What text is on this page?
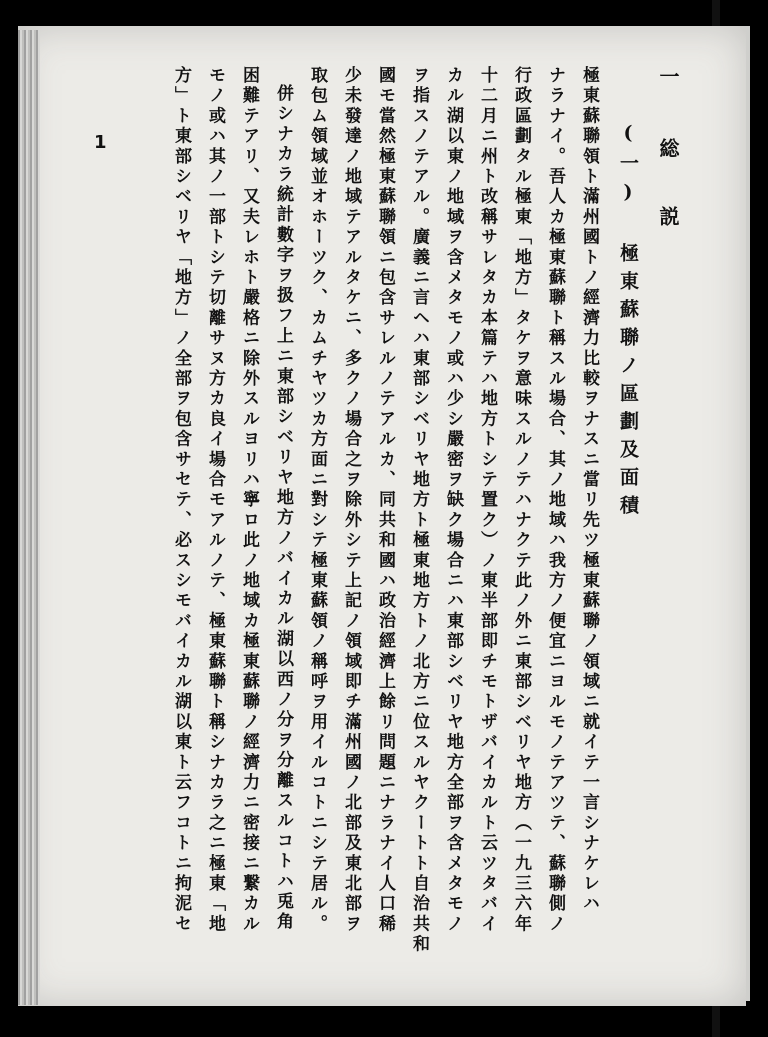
1	一 総　説
(一) 極東蘇聯ノ區劃及面積
極東蘇聯領ト滿州國トノ經濟力比較ヲナスニ當リ先ツ極東蘇聯ノ領域ニ就イテ一言シナケレハ
ナラナイ。吾人カ極東蘇聯ト稱スル場合、其ノ地域ハ我方ノ便宜ニヨルモノテアツテ、蘇聯側ノ
行政區劃タル極東「地方」タケヲ意味スルノテハナクテ此ノ外ニ東部シベリヤ地方（一九三六年
十二月ニ州ト改稱サレタカ本篇テハ地方トシテ置ク）ノ東半部即チモトザバイカルト云ツタバイ
カル湖以東ノ地域ヲ含メタモノ或ハ少シ嚴密ヲ缺ク場合ニハ東部シベリヤ地方全部ヲ含メタモノ
ヲ指スノテアル。廣義ニ言ヘハ東部シベリヤ地方ト極東地方トノ北方ニ位スルヤクートト自治共和
國モ當然極東蘇聯領ニ包含サレルノテアルカ、同共和國ハ政治經濟上餘リ問題ニナラナイ人口稀
少未發達ノ地域テアルタケニ、多クノ場合之ヲ除外シテ上記ノ領域即チ滿州國ノ北部及東北部ヲ
取包ム領域並オホーツク、カムチヤツカ方面ニ對シテ極東蘇領ノ稱呼ヲ用イルコトニシテ居ル。
併シナカラ統計數字ヲ扱フ上ニ東部シベリヤ地方ノバイカル湖以西ノ分ヲ分離スルコトハ兎角
困難テアリ、又夫レホト嚴格ニ除外スルヨリハ寧ロ此ノ地域カ極東蘇聯ノ經濟力ニ密接ニ繋カル
モノ或ハ其ノ一部トシテ切離サヌ方カ良イ場合モアルノテ、極東蘇聯ト稱シナカラ之ニ極東「地
方」ト東部シベリヤ「地方」ノ全部ヲ包含サセテ、必スシモバイカル湖以東ト云フコトニ拘泥セ
